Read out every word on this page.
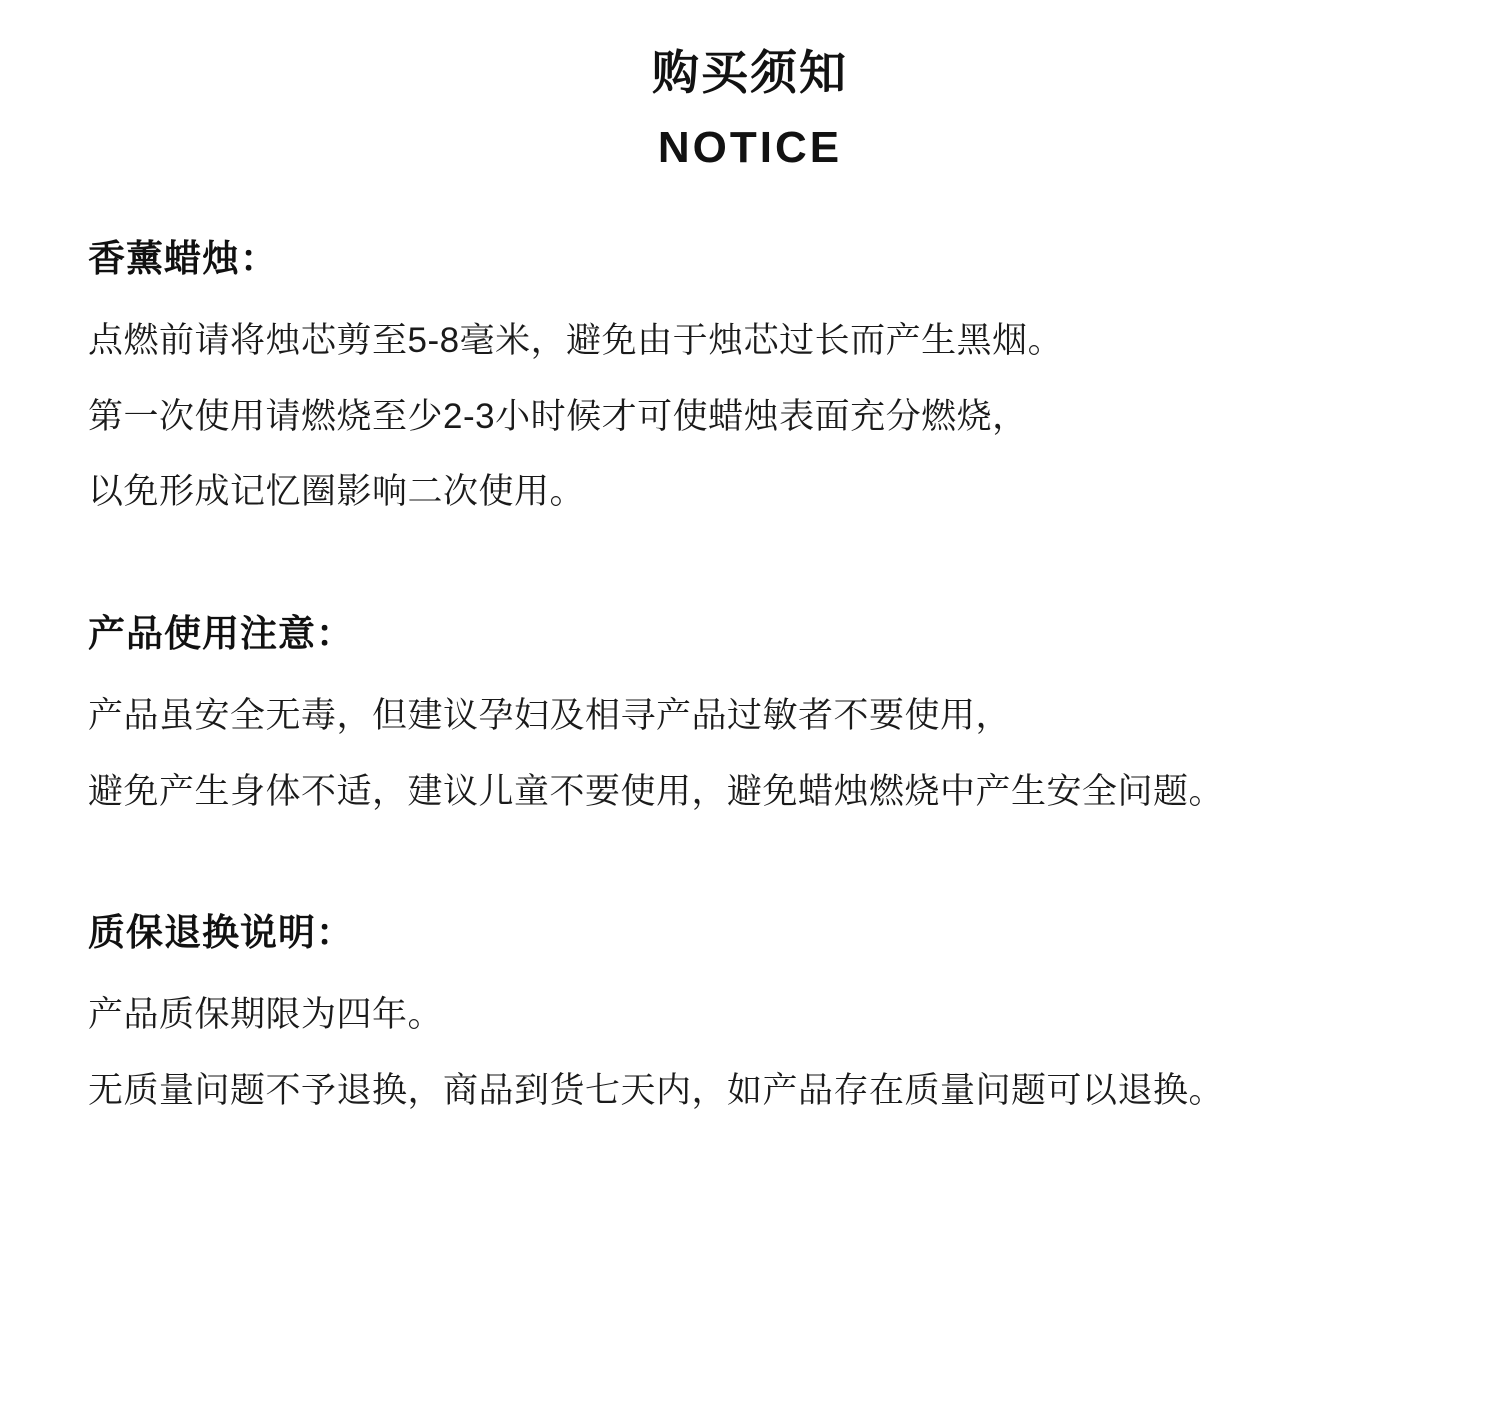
购买须知
NOTICE
香薰蜡烛：
点燃前请将烛芯剪至5-8毫米，避免由于烛芯过长而产生黑烟。
第一次使用请燃烧至少2-3小时候才可使蜡烛表面充分燃烧，
以免形成记忆圈影响二次使用。
产品使用注意：
产品虽安全无毒，但建议孕妇及相寻产品过敏者不要使用，
避免产生身体不适，建议儿童不要使用，避免蜡烛燃烧中产生安全问题。
质保退换说明：
产品质保期限为四年。
无质量问题不予退换，商品到货七天内，如产品存在质量问题可以退换。
